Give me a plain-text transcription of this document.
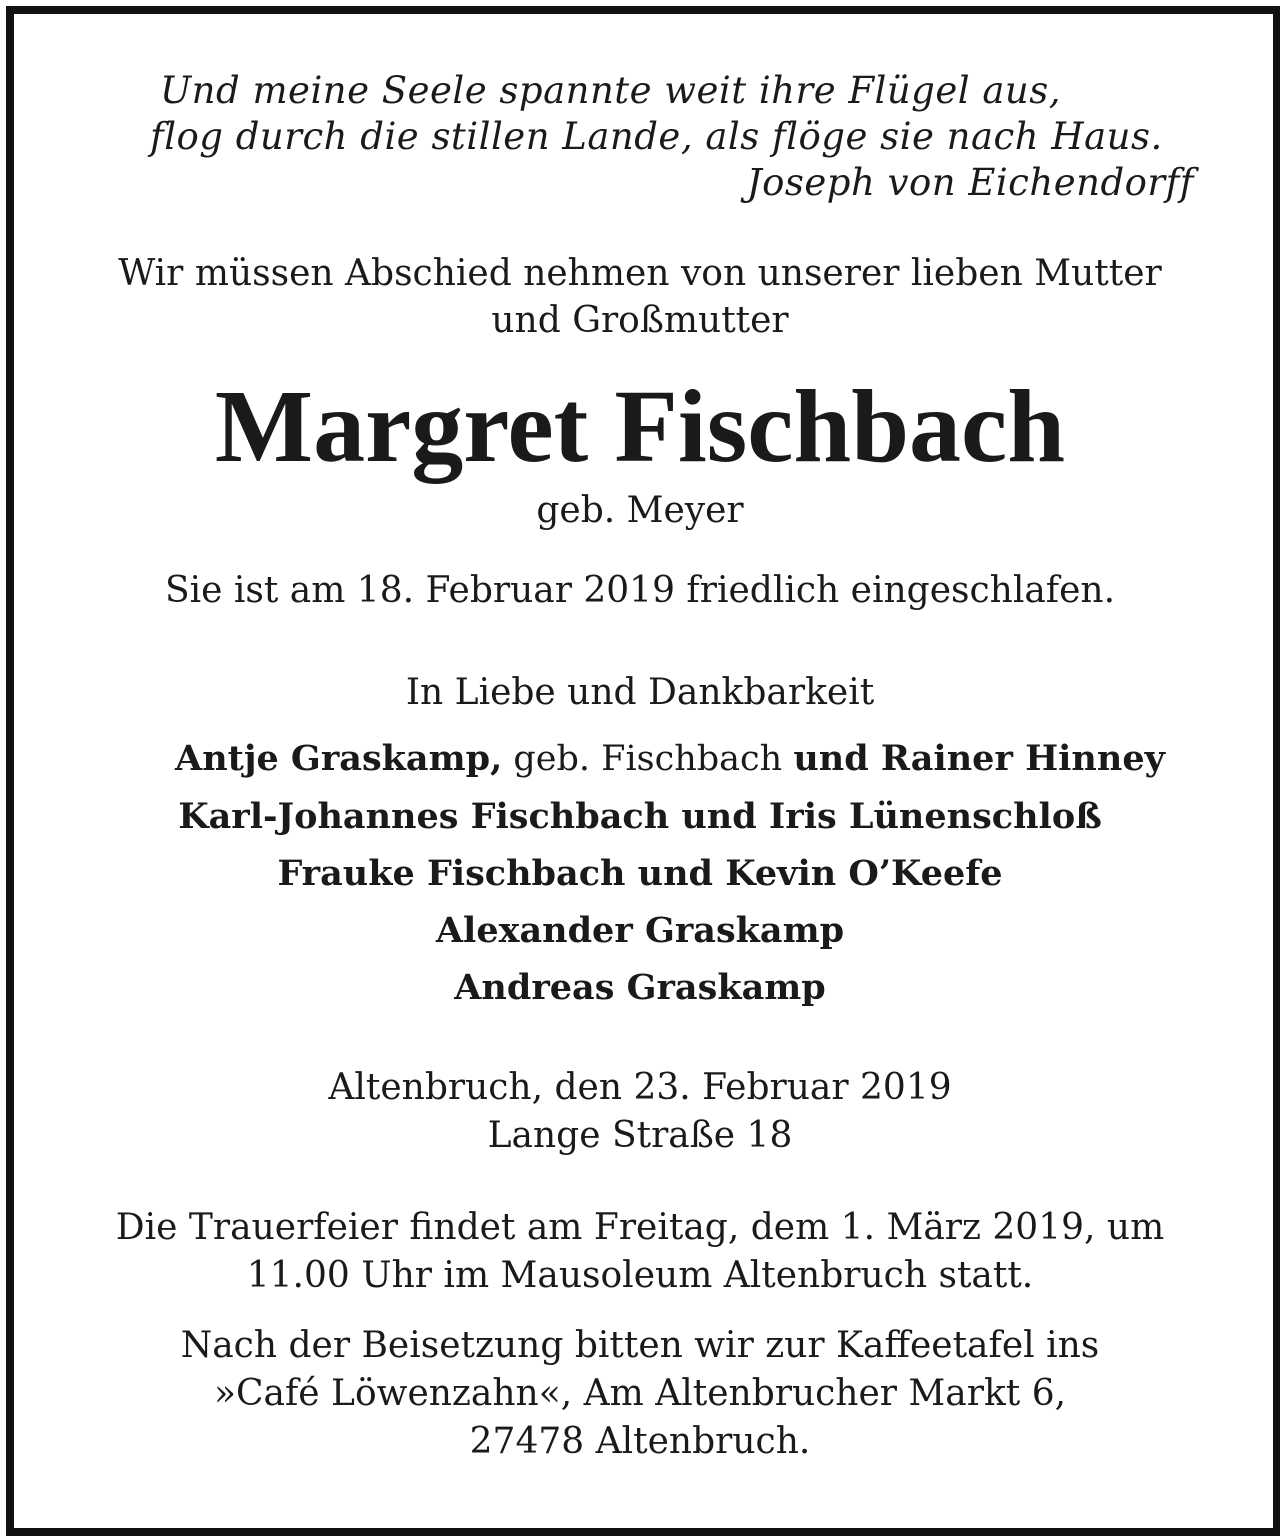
Und meine Seele spannte weit ihre Flügel aus,
flog durch die stillen Lande, als flöge sie nach Haus.
Joseph von Eichendorff
Wir müssen Abschied nehmen von unserer lieben Mutter
und Großmutter
Margret Fischbach
geb. Meyer
Sie ist am 18. Februar 2019 friedlich eingeschlafen.
In Liebe und Dankbarkeit
Antje Graskamp, geb. Fischbach und Rainer Hinney
Karl-Johannes Fischbach und Iris Lünenschloß
Frauke Fischbach und Kevin O’Keefe
Alexander Graskamp
Andreas Graskamp
Altenbruch, den 23. Februar 2019
Lange Straße 18
Die Trauerfeier findet am Freitag, dem 1. März 2019, um
11.00 Uhr im Mausoleum Altenbruch statt.
Nach der Beisetzung bitten wir zur Kaffeetafel ins
»Café Löwenzahn«, Am Altenbrucher Markt 6,
27478 Altenbruch.
